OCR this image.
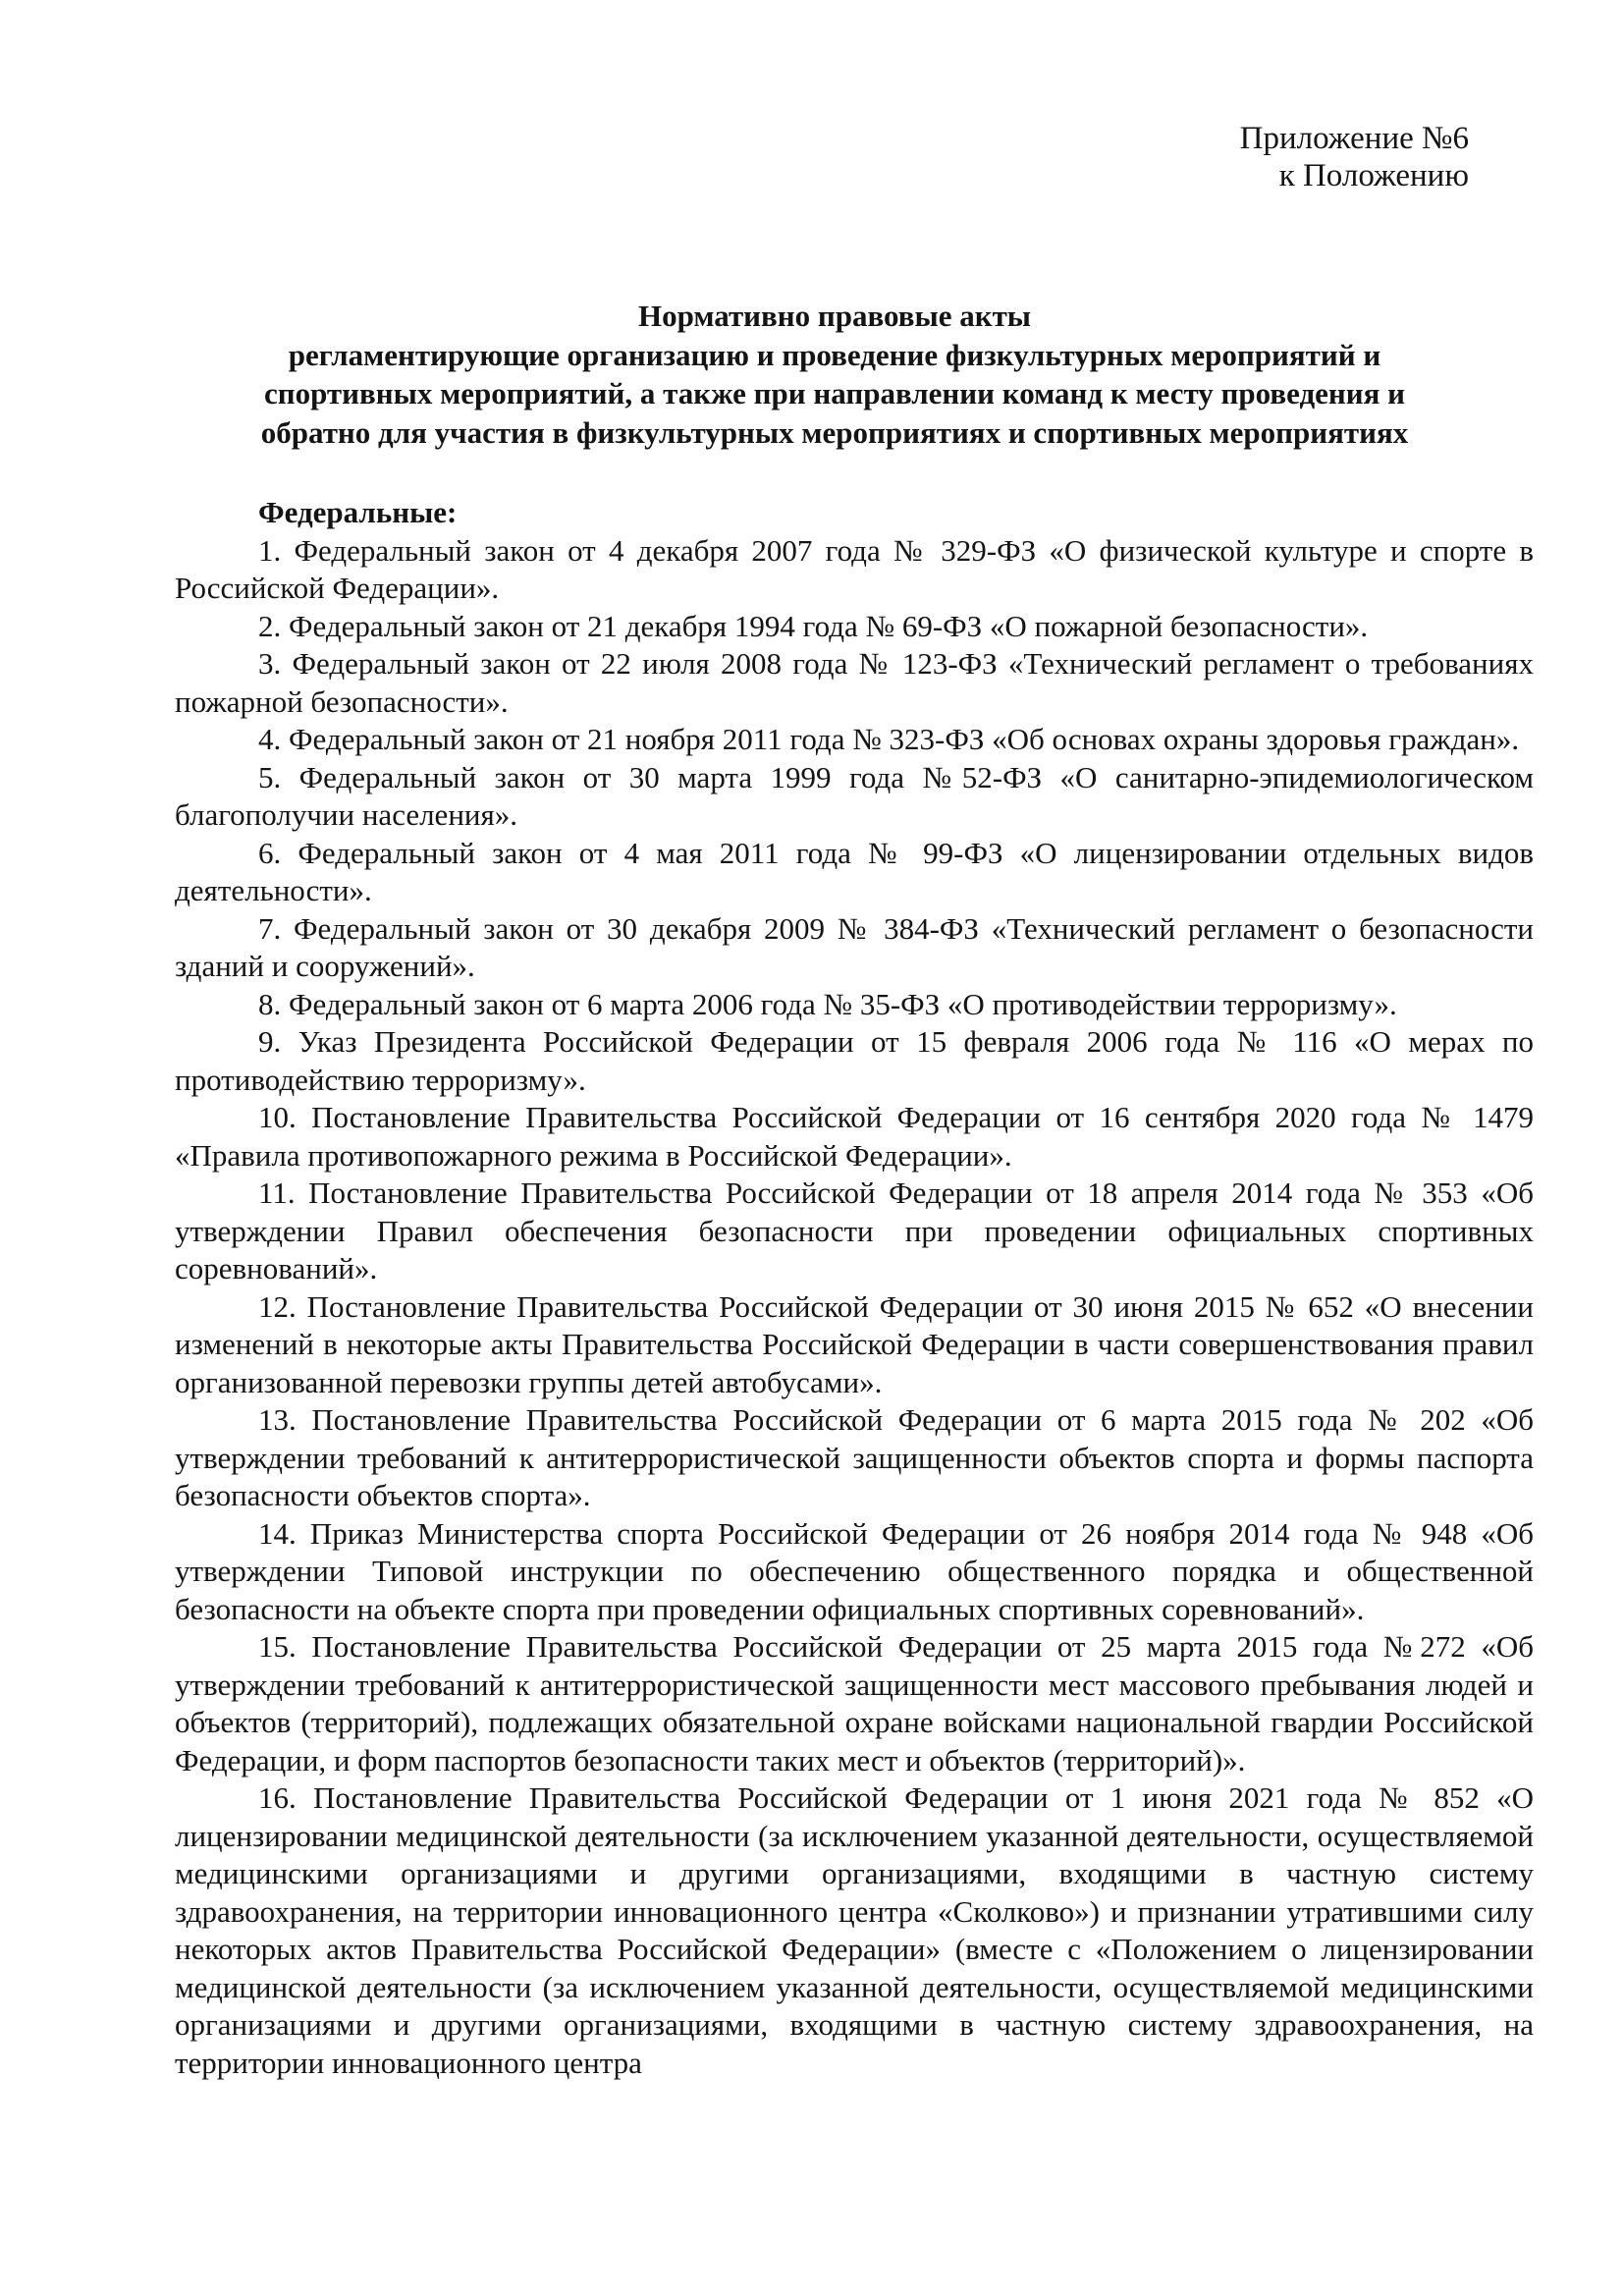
Приложение №6
к Положению
Нормативно правовые акты
регламентирующие организацию и проведение физкультурных мероприятий и
спортивных мероприятий, а также при направлении команд к месту проведения и
обратно для участия в физкультурных мероприятиях и спортивных мероприятиях
Федеральные:

1. Федеральный закон от 4 декабря 2007 года № 329-ФЗ «О физической культуре и спорте в Российской Федерации».

2. Федеральный закон от 21 декабря 1994 года № 69-ФЗ «О пожарной безопасности».

3. Федеральный закон от 22 июля 2008 года № 123-ФЗ «Технический регламент о требованиях пожарной безопасности».

4. Федеральный закон от 21 ноября 2011 года № 323-ФЗ «Об основах охраны здоровья граждан».

5. Федеральный закон от 30 марта 1999 года №52-ФЗ «О санитарно-эпидемиологическом благополучии населения».

6. Федеральный закон от 4 мая 2011 года № 99-ФЗ «О лицензировании отдельных видов деятельности».

7. Федеральный закон от 30 декабря 2009 № 384-ФЗ «Технический регламент о безопасности зданий и сооружений».

8. Федеральный закон от 6 марта 2006 года № 35-ФЗ «О противодействии терроризму».

9. Указ Президента Российской Федерации от 15 февраля 2006 года № 116 «О мерах по противодействию терроризму».

10. Постановление Правительства Российской Федерации от 16 сентября 2020 года № 1479 «Правила противопожарного режима в Российской Федерации».

11. Постановление Правительства Российской Федерации от 18 апреля 2014 года № 353 «Об утверждении Правил обеспечения безопасности при проведении официальных спортивных соревнований».

12. Постановление Правительства Российской Федерации от 30 июня 2015 № 652 «О внесении изменений в некоторые акты Правительства Российской Федерации в части совершенствования правил организованной перевозки группы детей автобусами».

13. Постановление Правительства Российской Федерации от 6 марта 2015 года № 202 «Об утверждении требований к антитеррористической защищенности объектов спорта и формы паспорта безопасности объектов спорта».

14. Приказ Министерства спорта Российской Федерации от 26 ноября 2014 года № 948 «Об утверждении Типовой инструкции по обеспечению общественного порядка и общественной безопасности на объекте спорта при проведении официальных спортивных соревнований».

15. Постановление Правительства Российской Федерации от 25 марта 2015 года №272 «Об утверждении требований к антитеррористической защищенности мест массового пребывания людей и объектов (территорий), подлежащих обязательной охране войсками национальной гвардии Российской Федерации, и форм паспортов безопасности таких мест и объектов (территорий)».

16. Постановление Правительства Российской Федерации от 1 июня 2021 года № 852 «О лицензировании медицинской деятельности (за исключением указанной деятельности, осуществляемой медицинскими организациями и другими организациями, входящими в частную систему здравоохранения, на территории инновационного центра «Сколково») и признании утратившими силу некоторых актов Правительства Российской Федерации» (вместе с «Положением о лицензировании медицинской деятельности (за исключением указанной деятельности, осуществляемой медицинскими организациями и другими организациями, входящими в частную систему здравоохранения, на территории инновационного центра
